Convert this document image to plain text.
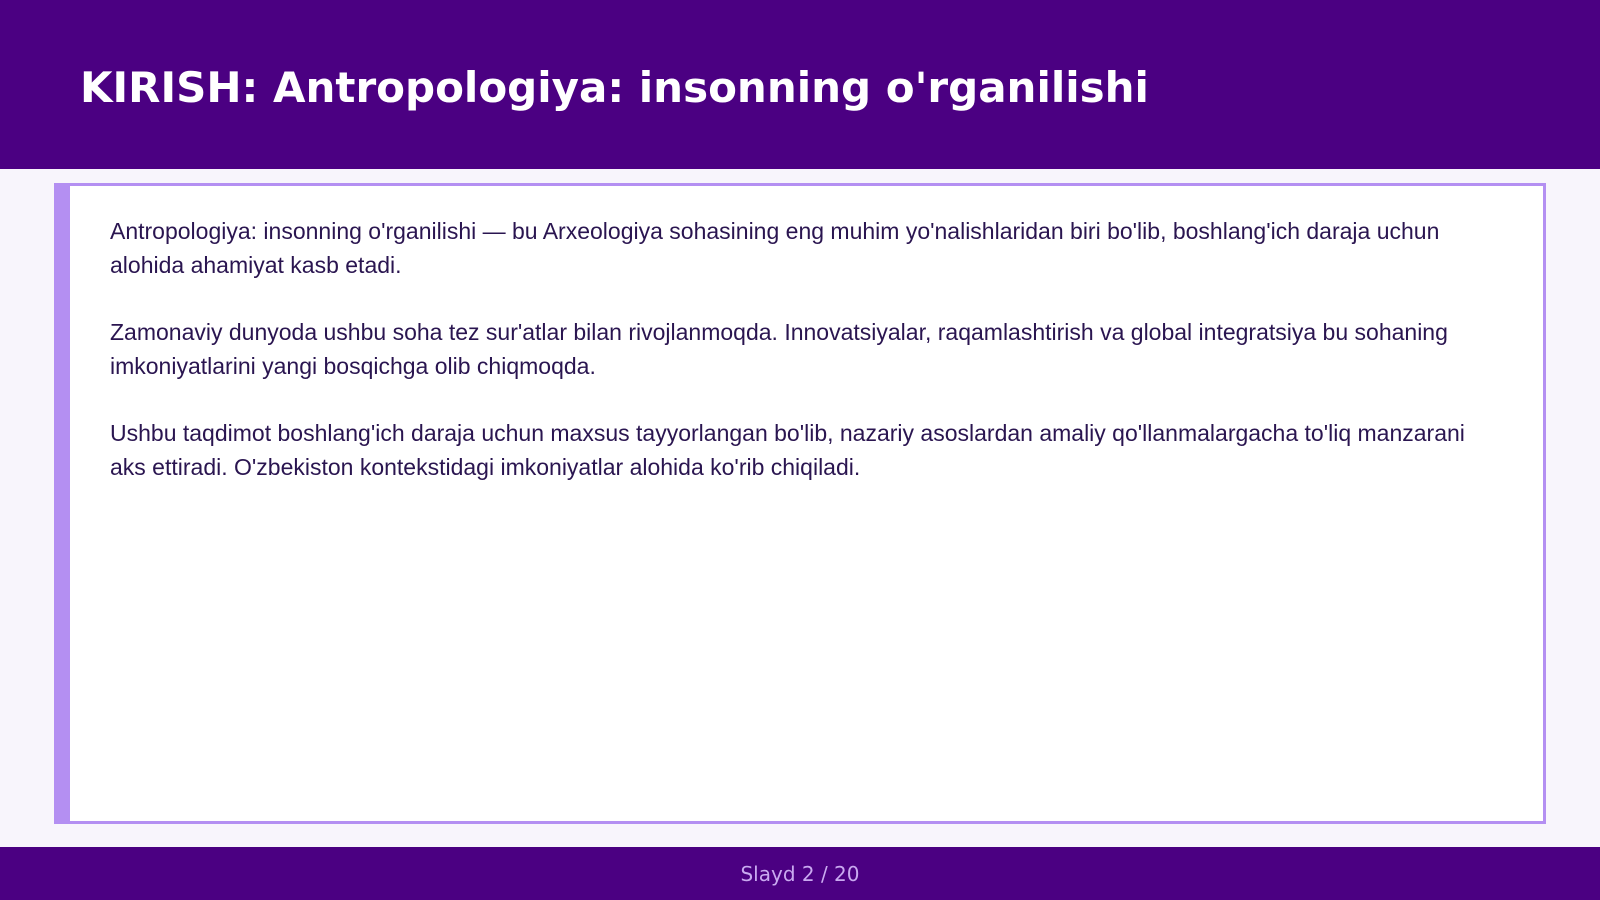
KIRISH: Antropologiya: insonning o'rganilishi

Antropologiya: insonning o'rganilishi — bu Arxeologiya sohasining eng muhim yo'nalishlaridan biri bo'lib, boshlang'ich daraja uchun alohida ahamiyat kasb etadi.

Zamonaviy dunyoda ushbu soha tez sur'atlar bilan rivojlanmoqda. Innovatsiyalar, raqamlashtirish va global integratsiya bu sohaning imkoniyatlarini yangi bosqichga olib chiqmoqda.

Ushbu taqdimot boshlang'ich daraja uchun maxsus tayyorlangan bo'lib, nazariy asoslardan amaliy qo'llanmalargacha to'liq manzarani aks ettiradi. O'zbekiston kontekstidagi imkoniyatlar alohida ko'rib chiqiladi.

Slayd 2 / 20
